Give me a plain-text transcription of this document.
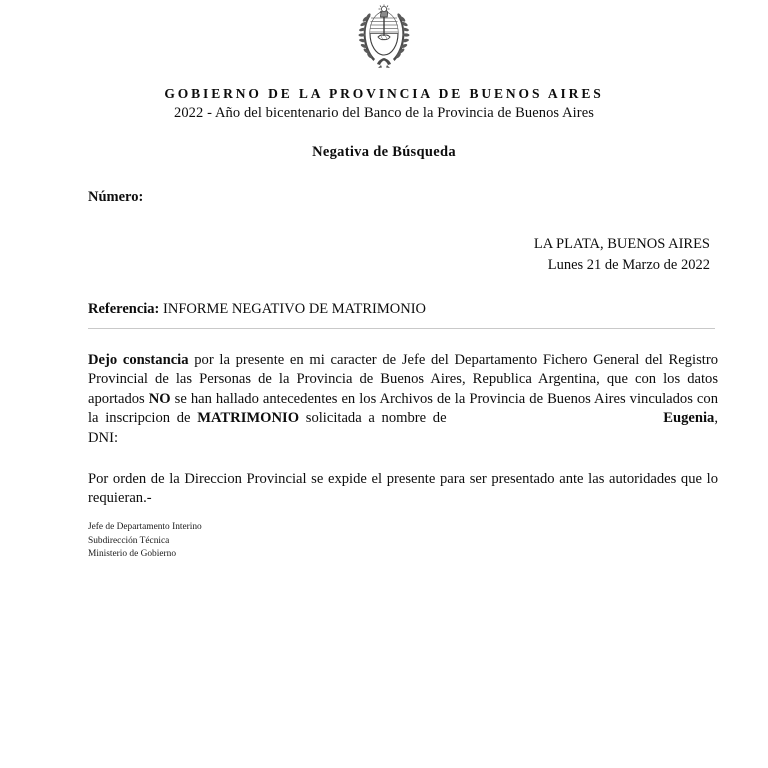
GOBIERNO DE LA PROVINCIA DE BUENOS AIRES
2022 - Año del bicentenario del Banco de la Provincia de Buenos Aires
Negativa de Búsqueda
Número:
LA PLATA, BUENOS AIRES
Lunes 21 de Marzo de 2022
Referencia: INFORME NEGATIVO DE MATRIMONIO

Dejo constancia por la presente en mi caracter de Jefe del Departamento Fichero General del Registro Provincial de las Personas de la Provincia de Buenos Aires, Republica Argentina, que con los datos aportados NO se han hallado antecedentes en los Archivos de la Provincia de Buenos Aires vinculados con la inscripcion de MATRIMONIO solicitada a nombre de	Eugenia, DNI:

Por orden de la Direccion Provincial se expide el presente para ser presentado ante las autoridades que lo requieran.-

Jefe de Departamento Interino
Subdirección Técnica
Ministerio de Gobierno
